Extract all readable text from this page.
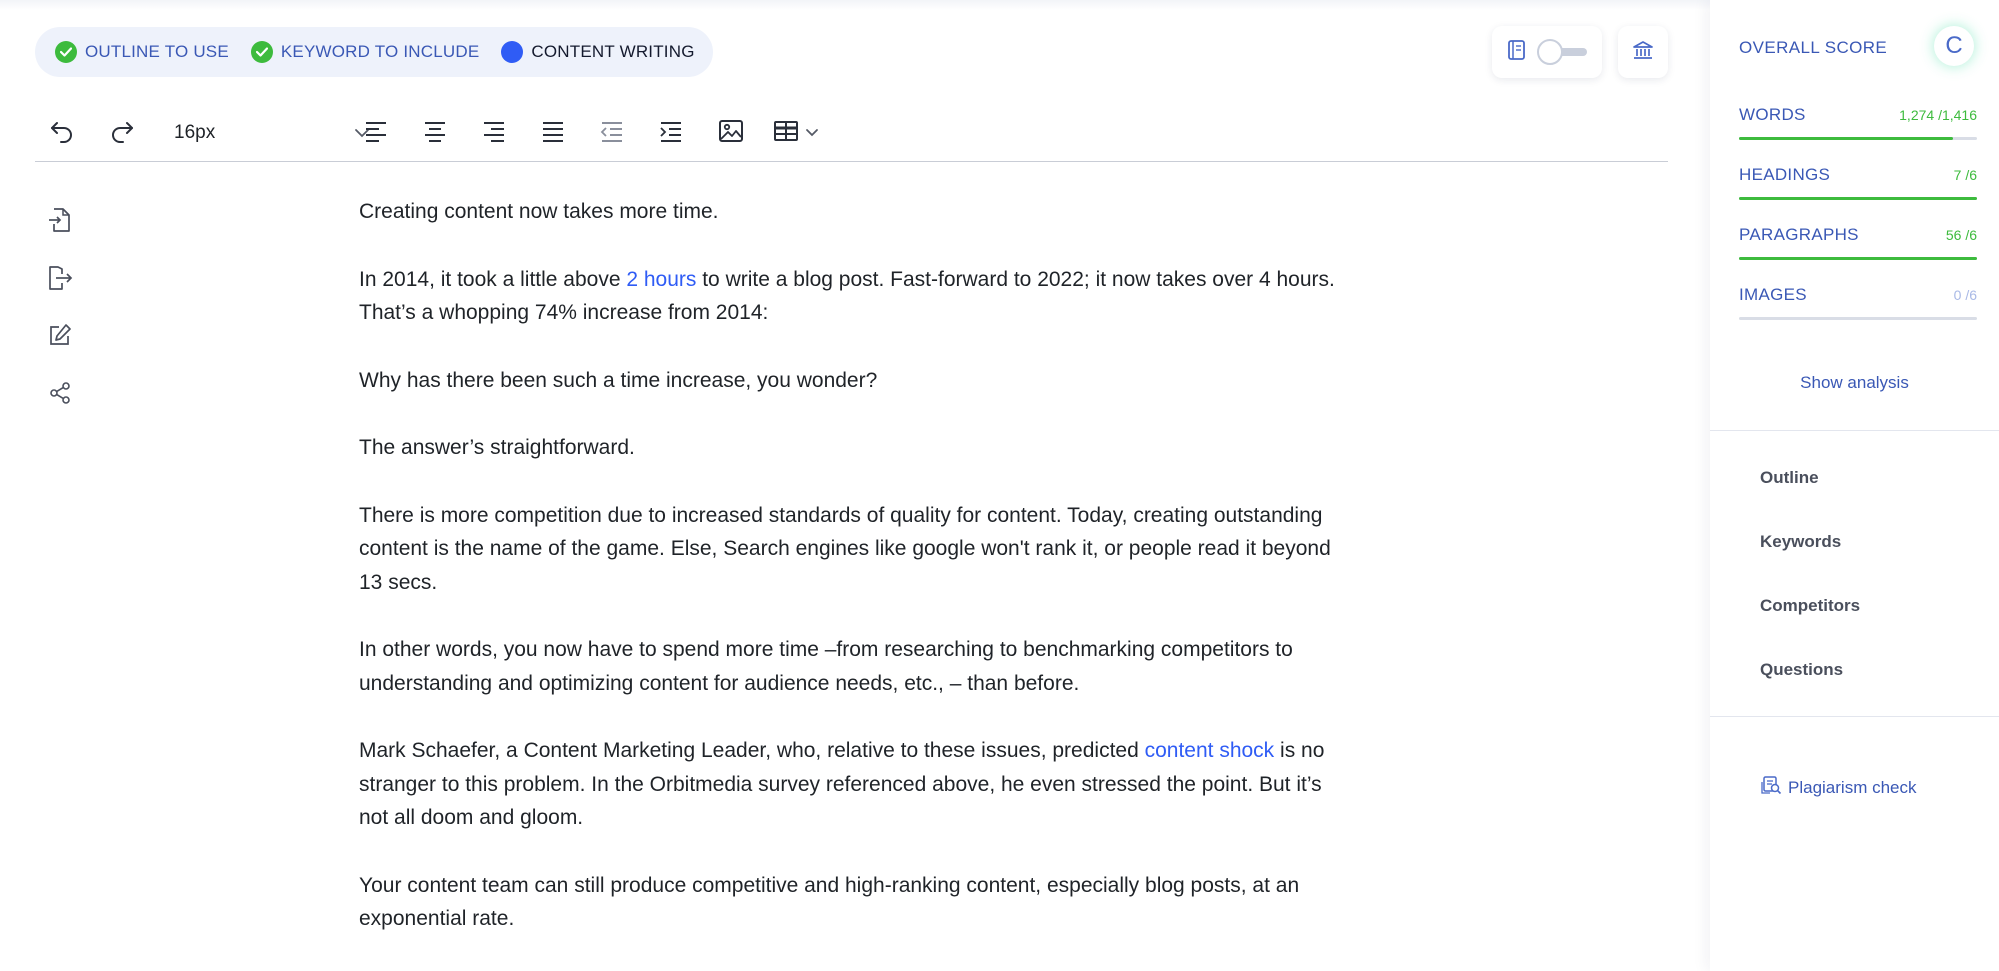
OUTLINE TO USE	KEYWORD TO INCLUDE	CONTENT WRITING
16px

Creating content now takes more time.

In 2014, it took a little above 2 hours to write a blog post. Fast-forward to 2022; it now takes over 4 hours. That’s a whopping 74% increase from 2014:

Why has there been such a time increase, you wonder?

The answer’s straightforward.

There is more competition due to increased standards of quality for content. Today, creating outstanding content is the name of the game. Else, Search engines like google won't rank it, or people read it beyond 13 secs.

In other words, you now have to spend more time –from researching to benchmarking competitors to understanding and optimizing content for audience needs, etc., – than before.

Mark Schaefer, a Content Marketing Leader, who, relative to these issues, predicted content shock is no stranger to this problem. In the Orbitmedia survey referenced above, he even stressed the point. But it’s not all doom and gloom.

Your content team can still produce competitive and high-ranking content, especially blog posts, at an exponential rate.

OVERALL SCORE	C
WORDS	1,274 /1,416
HEADINGS	7 /6
PARAGRAPHS	56 /6
IMAGES	0 /6
Show analysis
Outline
Keywords
Competitors
Questions
Plagiarism check
